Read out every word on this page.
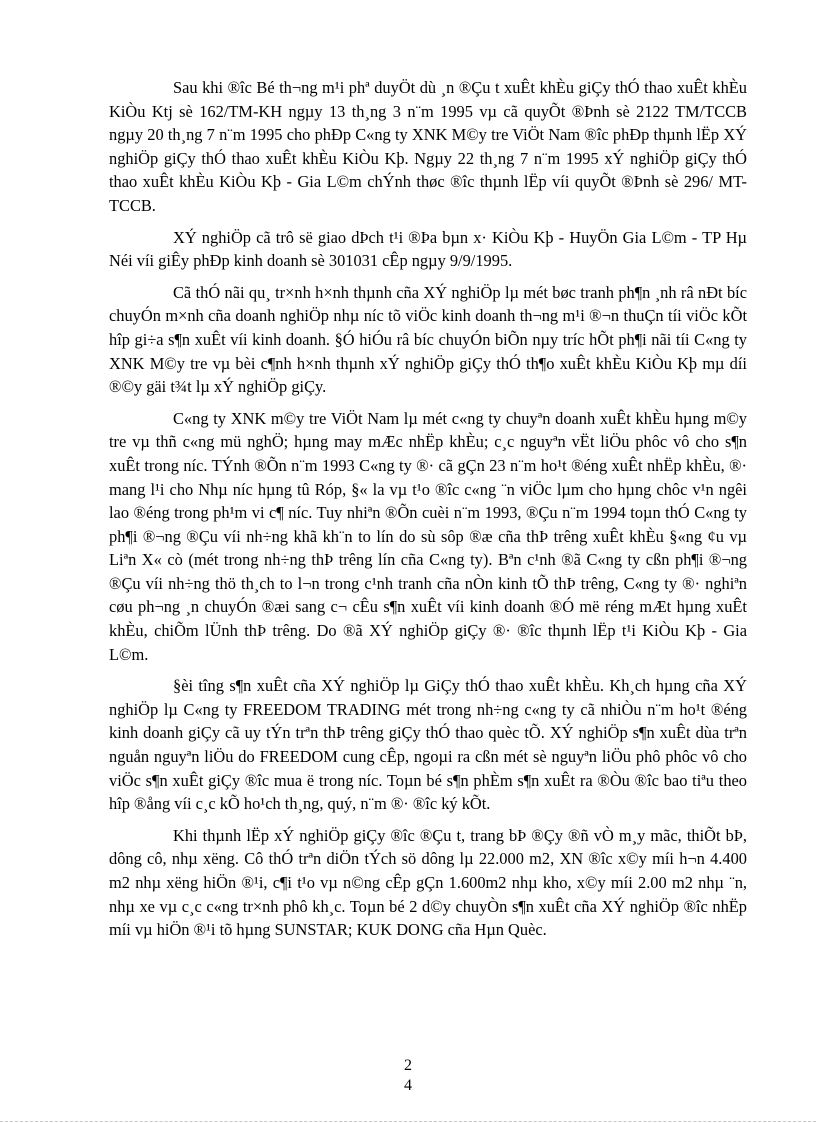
Sau khi ®îc Bé th¬ng m¹i phª duyÖt dù ¸n ®Çu t xuÊt khÈu giÇy thÓ thao xuÊt khÈu KiÒu Ktj sè 162/TM-KH ngµy 13 th¸ng 3 n¨m 1995 vµ cã quyÕt ®Þnh sè 2122 TM/TCCB ngµy 20 th¸ng 7 n¨m 1995 cho phÐp C«ng ty XNK M©y tre ViÖt Nam ®îc phÐp thµnh lËp XÝ nghiÖp giÇy thÓ thao xuÊt khÈu KiÒu Kþ. Ngµy 22 th¸ng 7 n¨m 1995 xÝ nghiÖp giÇy thÓ thao xuÊt khÈu KiÒu Kþ - Gia L©m chÝnh thøc ®îc thµnh lËp víi quyÕt ®Þnh sè 296/ MT-TCCB.

XÝ nghiÖp cã trô së giao dÞch t¹i ®Þa bµn x· KiÒu Kþ - HuyÖn Gia L©m - TP Hµ Néi víi giÊy phÐp kinh doanh sè 301031 cÊp ngµy 9/9/1995.

Cã thÓ nãi qu¸ tr×nh h×nh thµnh cña XÝ nghiÖp lµ mét bøc tranh ph¶n ¸nh râ nÐt bíc chuyÓn m×nh cña doanh nghiÖp nhµ níc tõ viÖc kinh doanh th¬ng m¹i ®¬n thuÇn tíi viÖc kÕt hîp gi÷a s¶n xuÊt víi kinh doanh. §Ó hiÓu râ bíc chuyÓn biÕn nµy tríc hÕt ph¶i nãi tíi C«ng ty XNK M©y tre vµ bèi c¶nh h×nh thµnh xÝ nghiÖp giÇy thÓ th¶o xuÊt khÈu KiÒu Kþ mµ díi ®©y gäi t¾t lµ xÝ nghiÖp giÇy.

C«ng ty XNK m©y tre ViÖt Nam lµ mét c«ng ty chuyªn doanh xuÊt khÈu hµng m©y tre vµ thñ c«ng mü nghÖ; hµng may mÆc nhËp khÈu; c¸c nguyªn vËt liÖu phôc vô cho s¶n xuÊt trong níc. TÝnh ®Õn n¨m 1993 C«ng ty ®· cã gÇn 23 n¨m ho¹t ®éng xuÊt nhËp khÈu, ®· mang l¹i cho Nhµ níc hµng tû Róp, §« la vµ t¹o ®îc c«ng ¨n viÖc lµm cho hµng chôc v¹n ngêi lao ®éng trong ph¹m vi c¶ níc. Tuy nhiªn ®Õn cuèi n¨m 1993, ®Çu n¨m 1994 toµn thÓ C«ng ty ph¶i ®¬ng ®Çu víi nh÷ng khã kh¨n to lín do sù sôp ®æ cña thÞ trêng xuÊt khÈu §«ng ¢u vµ Liªn X« cò (mét trong nh÷ng thÞ trêng lín cña C«ng ty). Bªn c¹nh ®ã C«ng ty cßn ph¶i ®¬ng ®Çu víi nh÷ng thö th¸ch to l¬n trong c¹nh tranh cña nÒn kinh tÕ thÞ trêng, C«ng ty ®· nghiªn cøu ph¬ng ¸n chuyÓn ®æi sang c¬ cÊu s¶n xuÊt víi kinh doanh ®Ó më réng mÆt hµng xuÊt khÈu, chiÕm lÜnh thÞ trêng. Do ®ã XÝ nghiÖp giÇy ®· ®îc thµnh lËp t¹i KiÒu Kþ - Gia L©m.

§èi tîng s¶n xuÊt cña XÝ nghiÖp lµ GiÇy thÓ thao xuÊt khÈu. Kh¸ch hµng cña XÝ nghiÖp lµ C«ng ty FREEDOM TRADING mét trong nh÷ng c«ng ty cã nhiÒu n¨m ho¹t ®éng kinh doanh giÇy cã uy tÝn trªn thÞ trêng giÇy thÓ thao quèc tÕ. XÝ nghiÖp s¶n xuÊt dùa trªn nguån nguyªn liÖu do FREEDOM cung cÊp, ngoµi ra cßn mét sè nguyªn liÖu phô phôc vô cho viÖc s¶n xuÊt giÇy ®îc mua ë trong níc. Toµn bé s¶n phÈm s¶n xuÊt ra ®Òu ®îc bao tiªu theo hîp ®ång víi c¸c kÕ ho¹ch th¸ng, quý, n¨m ®· ®îc ký kÕt.

Khi thµnh lËp xÝ nghiÖp giÇy ®îc ®Çu t, trang bÞ ®Çy ®ñ vÒ m¸y mãc, thiÕt bÞ, dông cô, nhµ xëng. Cô thÓ trªn diÖn tÝch sö dông lµ 22.000 m2, XN ®îc x©y míi h¬n 4.400 m2 nhµ xëng hiÖn ®¹i, c¶i t¹o vµ n©ng cÊp gÇn 1.600m2 nhµ kho, x©y míi 2.00 m2 nhµ ¨n, nhµ xe vµ c¸c c«ng tr×nh phô kh¸c. Toµn bé 2 d©y chuyÒn s¶n xuÊt cña XÝ nghiÖp ®îc nhËp míi vµ hiÖn ®¹i tõ hµng SUNSTAR; KUK DONG cña Hµn Quèc.

2
4
